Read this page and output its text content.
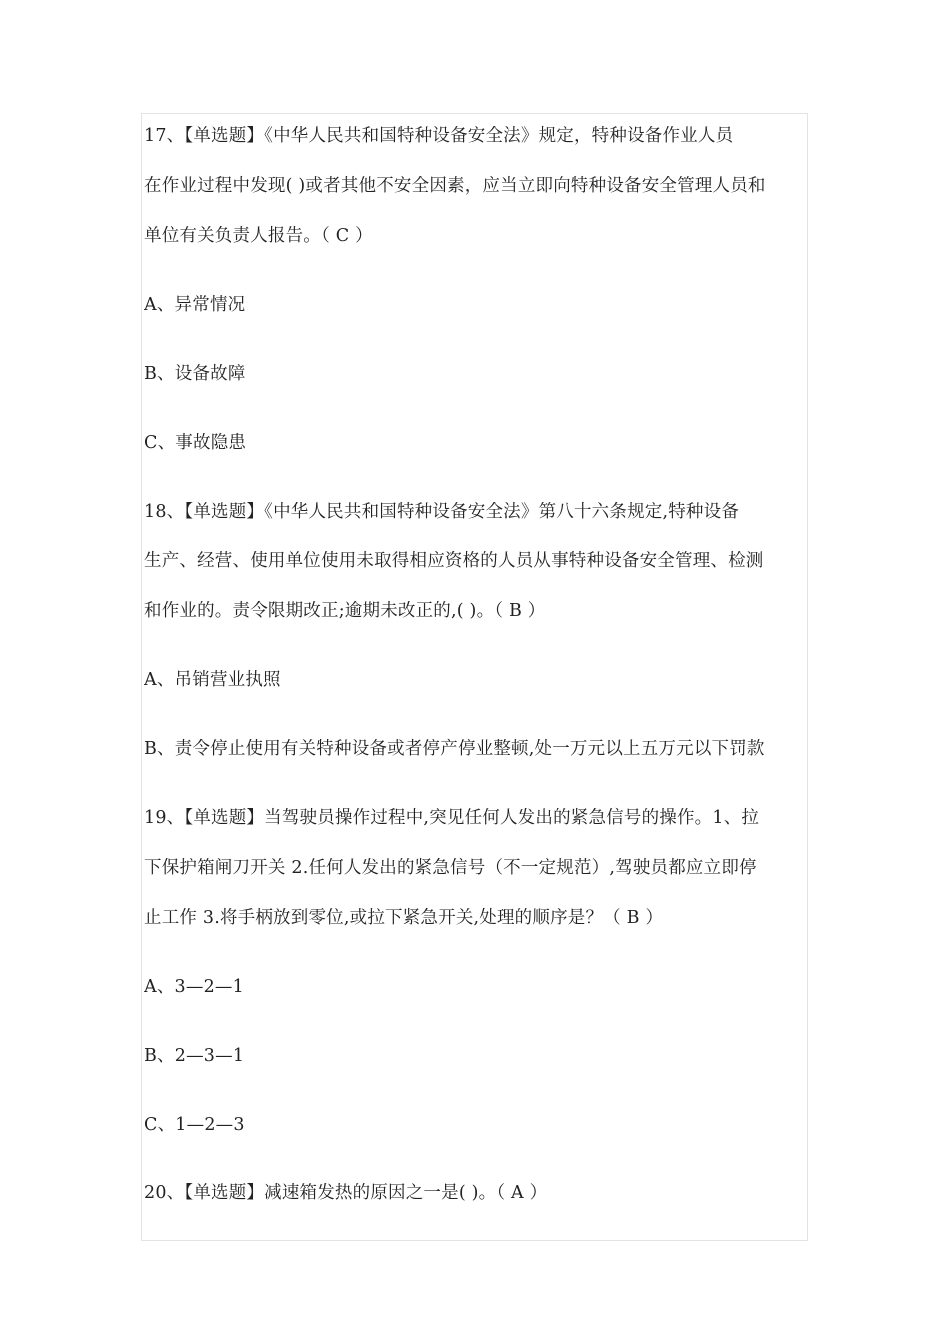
17、【单选题】《中华人民共和国特种设备安全法》规定，特种设备作业人员
在作业过程中发现( )或者其他不安全因素，应当立即向特种设备安全管理人员和
单位有关负责人报告。（ C ）
A、异常情况
B、设备故障
C、事故隐患
18、【单选题】《中华人民共和国特种设备安全法》第八十六条规定,特种设备
生产、经营、使用单位使用未取得相应资格的人员从事特种设备安全管理、检测
和作业的。责令限期改正;逾期未改正的,( )。（ B ）
A、吊销营业执照
B、责令停止使用有关特种设备或者停产停业整顿,处一万元以上五万元以下罚款
19、【单选题】当驾驶员操作过程中,突见任何人发出的紧急信号的操作。1、拉
下保护箱闸刀开关 2.任何人发出的紧急信号（不一定规范）,驾驶员都应立即停
止工作 3.将手柄放到零位,或拉下紧急开关,处理的顺序是？（ B ）
A、3—2—1
B、2—3—1
C、1—2—3
20、【单选题】减速箱发热的原因之一是( )。（ A ）
